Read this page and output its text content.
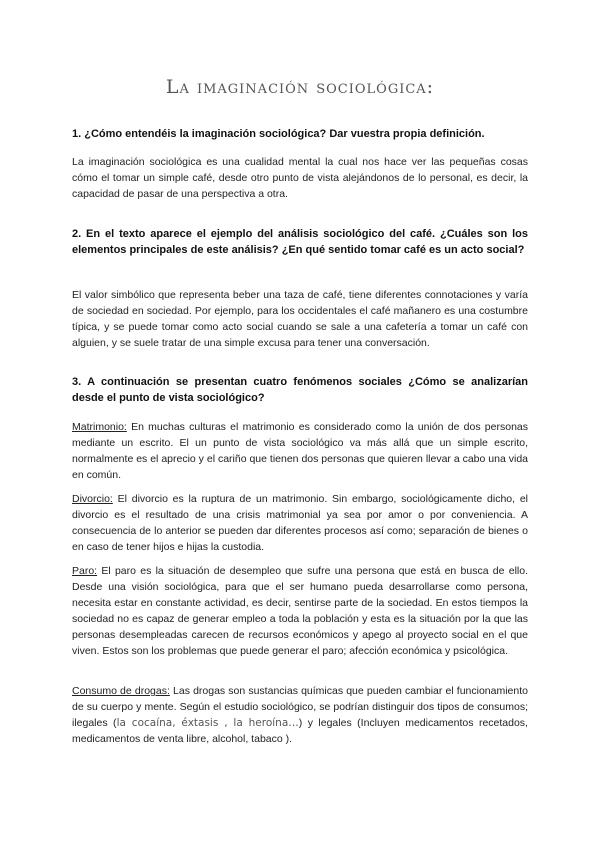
La imaginación sociológica:

1. ¿Cómo entendéis la imaginación sociológica? Dar vuestra propia definición.

La imaginación sociológica es una cualidad mental la cual nos hace ver las pequeñas cosas cómo el tomar un simple café, desde otro punto de vista alejándonos de lo personal, es decir, la capacidad de pasar de una perspectiva a otra.

2. En el texto aparece el ejemplo del análisis sociológico del café. ¿Cuáles son los elementos principales de este análisis? ¿En qué sentido tomar café es un acto social?

El valor simbólico que representa beber una taza de café, tiene diferentes connotaciones y varía de sociedad en sociedad. Por ejemplo, para los occidentales el café mañanero es una costumbre típica, y se puede tomar como acto social cuando se sale a una cafetería a tomar un café con alguien, y se suele tratar de una simple excusa para tener una conversación.

3. A continuación se presentan cuatro fenómenos sociales ¿Cómo se analizarían desde el punto de vista sociológico?

Matrimonio: En muchas culturas el matrimonio es considerado como la unión de dos personas mediante un escrito. El un punto de vista sociológico va más allá que un simple escrito, normalmente es el aprecio y el cariño que tienen dos personas que quieren llevar a cabo una vida en común.

Divorcio: El divorcio es la ruptura de un matrimonio. Sin embargo, sociológicamente dicho, el divorcio es el resultado de una crisis matrimonial ya sea por amor o por conveniencia. A consecuencia de lo anterior se pueden dar diferentes procesos así como; separación de bienes o en caso de tener hijos e hijas la custodia.

Paro: El paro es la situación de desempleo que sufre una persona que está en busca de ello. Desde una visión sociológica, para que el ser humano pueda desarrollarse como persona, necesita estar en constante actividad, es decir, sentirse parte de la sociedad. En estos tiempos la sociedad no es capaz de generar empleo a toda la población y esta es la situación por la que las personas desempleadas carecen de recursos económicos y apego al proyecto social en el que viven. Estos son los problemas que puede generar el paro; afección económica y psicológica.

Consumo de drogas: Las drogas son sustancias químicas que pueden cambiar el funcionamiento de su cuerpo y mente. Según el estudio sociológico, se podrían distinguir dos tipos de consumos; ilegales (la cocaína, éxtasis , la heroína…) y legales (Incluyen medicamentos recetados, medicamentos de venta libre, alcohol, tabaco ).
